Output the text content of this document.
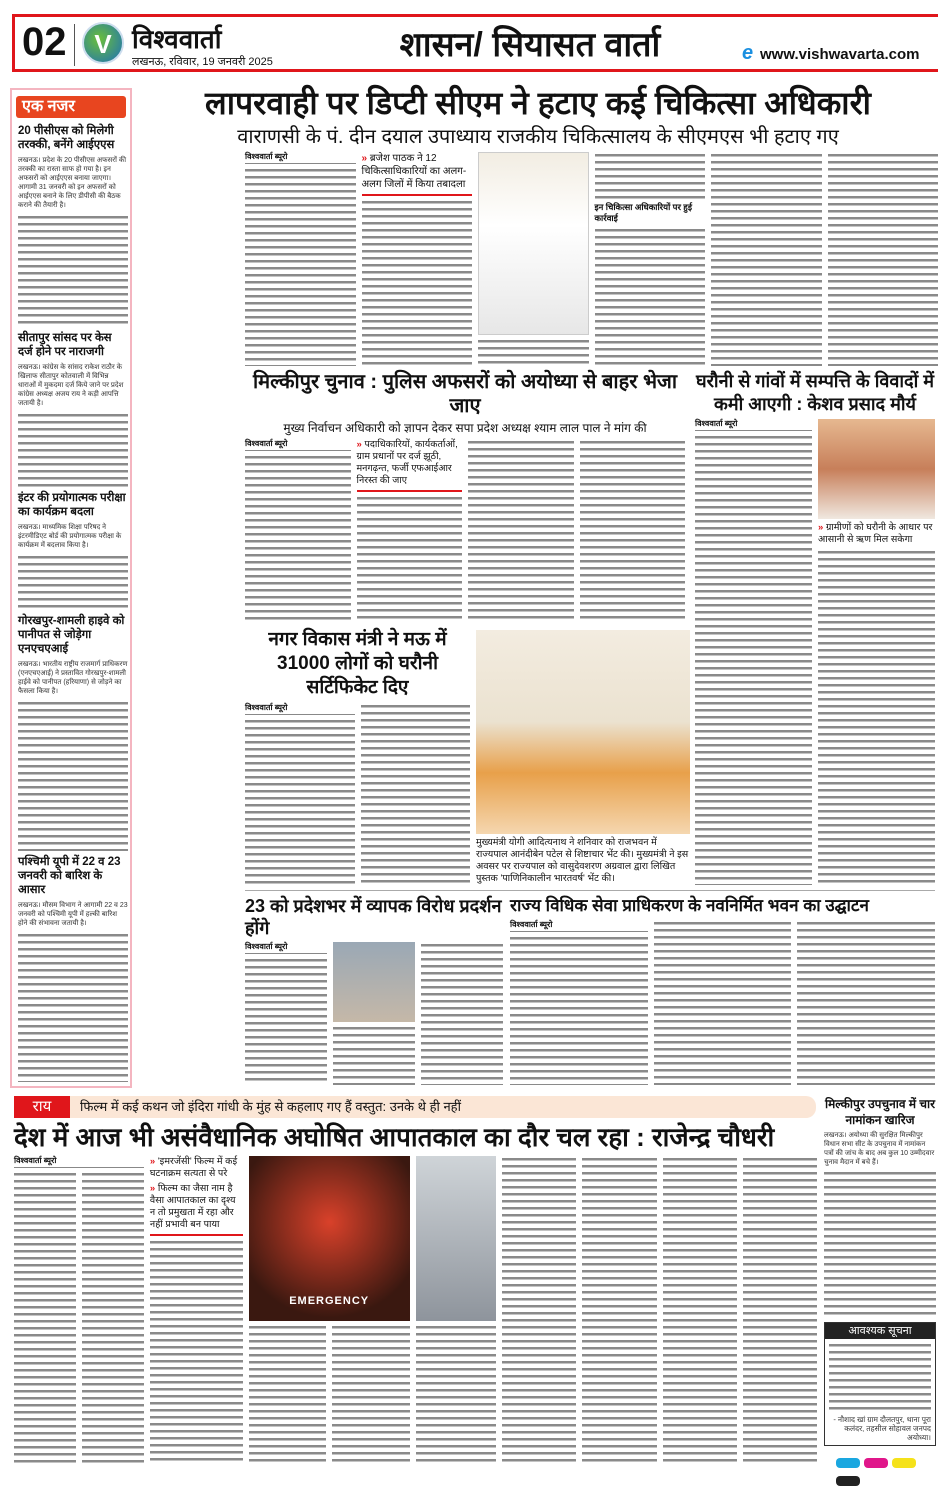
02	V विश्ववार्ता
लखनऊ, रविवार, 19 जनवरी 2025	शासन/ सियासत वार्ता	e www.vishwavarta.com
एक नजर
20 पीसीएस को मिलेगी तरक्की, बनेंगे आईएएस
लखनऊ। प्रदेश के 20 पीसीएस अफसरों की तरक्की का रास्ता साफ हो गया है। इन अफसरों को आईएएस बनाया जाएगा। आगामी 31 जनवरी को इन अफसरों को आईएएस बनाने के लिए डीपीसी की बैठक कराने की तैयारी है।
सीतापुर सांसद पर केस दर्ज होने पर नाराजगी
लखनऊ। कांग्रेस के सांसद राकेश राठौर के खिलाफ सीतापुर कोतवाली में विभिन्न धाराओं में मुकदमा दर्ज किये जाने पर प्रदेश कांग्रेस अध्यक्ष अजय राय ने कड़ी आपत्ति जतायी है।
इंटर की प्रयोगात्मक परीक्षा का कार्यक्रम बदला
लखनऊ। माध्यमिक शिक्षा परिषद ने इंटरमीडिएट बोर्ड की प्रयोगात्मक परीक्षा के कार्यक्रम में बदलाव किया है।
गोरखपुर-शामली हाइवे को पानीपत से जोड़ेगा एनएचएआई
लखनऊ। भारतीय राष्ट्रीय राजमार्ग प्राधिकरण (एनएचएआई) ने प्रस्तावित गोरखपुर-शामली हाईवे को पानीपत (हरियाणा) से जोड़ने का फैसला किया है।
पश्चिमी यूपी में 22 व 23 जनवरी को बारिश के आसार
लखनऊ। मौसम विभाग ने आगामी 22 व 23 जनवरी को पश्चिमी यूपी में हल्की बारिश होने की संभावना जतायी है।
लापरवाही पर डिप्टी सीएम ने हटाए कई चिकित्सा अधिकारी
वाराणसी के पं. दीन दयाल उपाध्याय राजकीय चिकित्सालय के सीएमएस भी हटाए गए
विश्ववार्ता ब्यूरो	» ब्रजेश पाठक ने 12 चिकित्साधिकारियों का अलग-अलग जिलों में किया तबादला
इन चिकित्सा अधिकारियों पर हुई कार्रवाई
मिल्कीपुर चुनाव : पुलिस अफसरों को अयोध्या से बाहर भेजा जाए
मुख्य निर्वाचन अधिकारी को ज्ञापन देकर सपा प्रदेश अध्यक्ष श्याम लाल पाल ने मांग की
विश्ववार्ता ब्यूरो	» पदाधिकारियों, कार्यकर्ताओं, ग्राम प्रधानों पर दर्ज झूठी, मनगढ़न्त, फर्जी एफआईआर निरस्त की जाए
घरौनी से गांवों में सम्पत्ति के विवादों में कमी आएगी : केशव प्रसाद मौर्य
विश्ववार्ता ब्यूरो
» ग्रामीणों को घरौनी के आधार पर आसानी से ऋण मिल सकेगा
नगर विकास मंत्री ने मऊ में 31000 लोगों को घरौनी सर्टिफिकेट दिए
विश्ववार्ता ब्यूरो
मुख्यमंत्री योगी आदित्यनाथ ने शनिवार को राजभवन में राज्यपाल आनंदीबेन पटेल से शिष्टाचार भेंट की। मुख्यमंत्री ने इस अवसर पर राज्यपाल को वासुदेवशरण अग्रवाल द्वारा लिखित पुस्तक 'पाणिनिकालीन भारतवर्ष' भेंट की।
23 को प्रदेशभर में व्यापक विरोध प्रदर्शन होंगे
विश्ववार्ता ब्यूरो
राज्य विधिक सेवा प्राधिकरण के नवनिर्मित भवन का उद्घाटन
विश्ववार्ता ब्यूरो
राय	फिल्म में कई कथन जो इंदिरा गांधी के मुंह से कहलाए गए हैं वस्तुत: उनके थे ही नहीं
देश में आज भी असंवैधानिक अघोषित आपातकाल का दौर चल रहा : राजेन्द्र चौधरी
विश्ववार्ता ब्यूरो	» 'इमरजेंसी' फिल्म में कई घटनाक्रम सत्यता से परे
» फिल्म का जैसा नाम है वैसा आपातकाल का दृश्य न तो प्रमुखता में रहा और नहीं प्रभावी बन पाया
EMERGENCY
मिल्कीपुर उपचुनाव में चार नामांकन खारिज
लखनऊ। अयोध्या की सुरक्षित मिल्कीपुर विधान सभा सीट के उपचुनाव में नामांकन पत्रों की जांच के बाद अब कुल 10 उम्मीदवार चुनाव मैदान में बचे हैं।
आवश्यक सूचना
- नौशाद खां ग्राम दौलतपुर, थाना पूरा कलंदर, तहसील सोहावल जनपद अयोध्या।
